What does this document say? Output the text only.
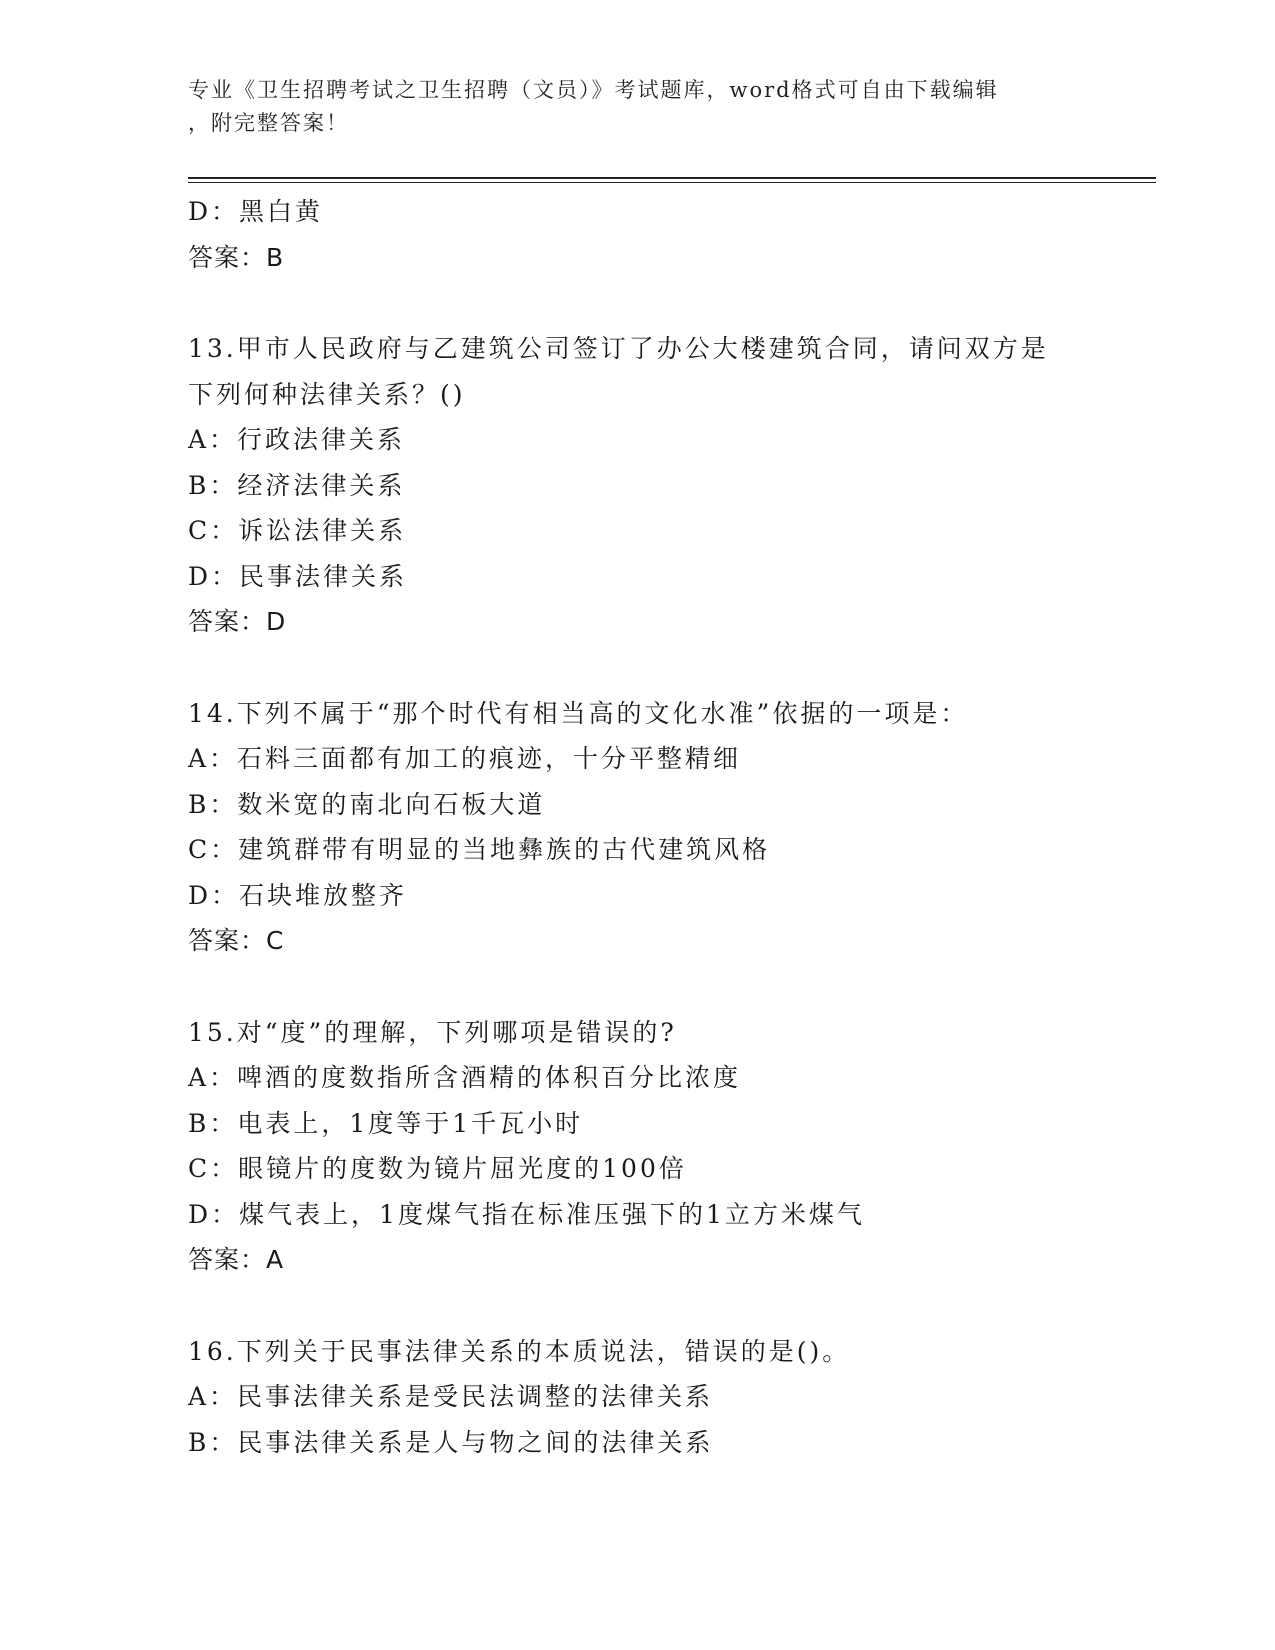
专业《卫生招聘考试之卫生招聘（文员）》考试题库，word格式可自由下载编辑
，附完整答案！
D：黑白黄
答案：B
13.甲市人民政府与乙建筑公司签订了办公大楼建筑合同，请问双方是
下列何种法律关系？()
A：行政法律关系
B：经济法律关系
C：诉讼法律关系
D：民事法律关系
答案：D
14.下列不属于“那个时代有相当高的文化水准”依据的一项是：
A：石料三面都有加工的痕迹，十分平整精细
B：数米宽的南北向石板大道
C：建筑群带有明显的当地彝族的古代建筑风格
D：石块堆放整齐
答案：C
15.对“度”的理解，下列哪项是错误的?
A：啤酒的度数指所含酒精的体积百分比浓度
B：电表上，1度等于1千瓦小时
C：眼镜片的度数为镜片屈光度的100倍
D：煤气表上，1度煤气指在标准压强下的1立方米煤气
答案：A
16.下列关于民事法律关系的本质说法，错误的是()。
A：民事法律关系是受民法调整的法律关系
B：民事法律关系是人与物之间的法律关系
